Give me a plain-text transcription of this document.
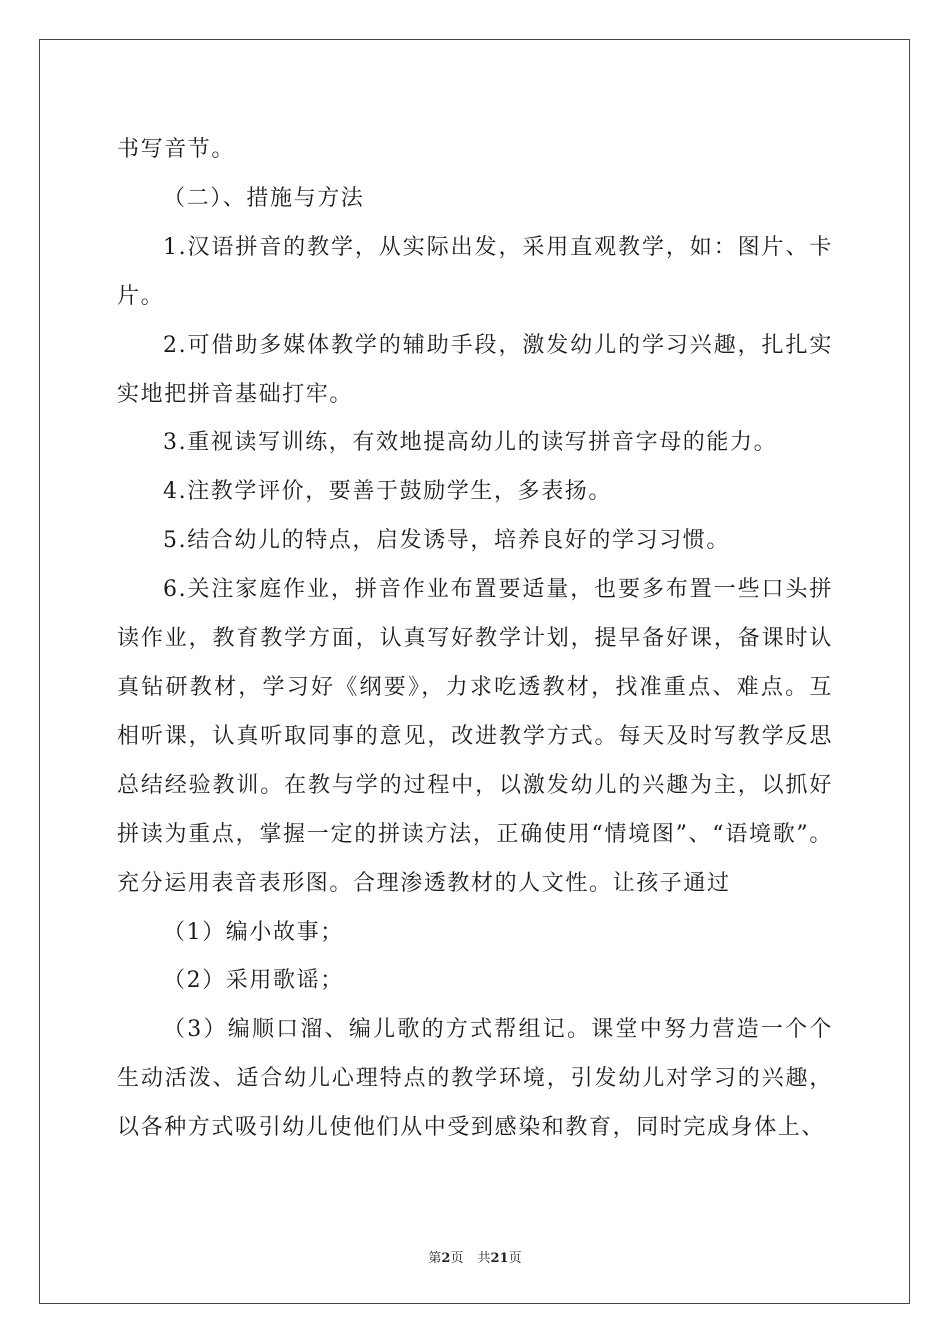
书写音节。

（二）、措施与方法

1.汉语拼音的教学，从实际出发，采用直观教学，如：图片、卡片。

2.可借助多媒体教学的辅助手段，激发幼儿的学习兴趣，扎扎实实地把拼音基础打牢。

3.重视读写训练，有效地提高幼儿的读写拼音字母的能力。

4.注教学评价，要善于鼓励学生，多表扬。

5.结合幼儿的特点，启发诱导，培养良好的学习习惯。

6.关注家庭作业，拼音作业布置要适量，也要多布置一些口头拼读作业，教育教学方面，认真写好教学计划，提早备好课，备课时认真钻研教材，学习好《纲要》，力求吃透教材，找准重点、难点。互相听课，认真听取同事的意见，改进教学方式。每天及时写教学反思总结经验教训。在教与学的过程中，以激发幼儿的兴趣为主，以抓好拼读为重点，掌握一定的拼读方法，正确使用“情境图”、“语境歌”。充分运用表音表形图。合理渗透教材的人文性。让孩子通过

（1）编小故事；

（2）采用歌谣；

（3）编顺口溜、编儿歌的方式帮组记。课堂中努力营造一个个生动活泼、适合幼儿心理特点的教学环境，引发幼儿对学习的兴趣，以各种方式吸引幼儿使他们从中受到感染和教育，同时完成身体上、

第2页 共21页
